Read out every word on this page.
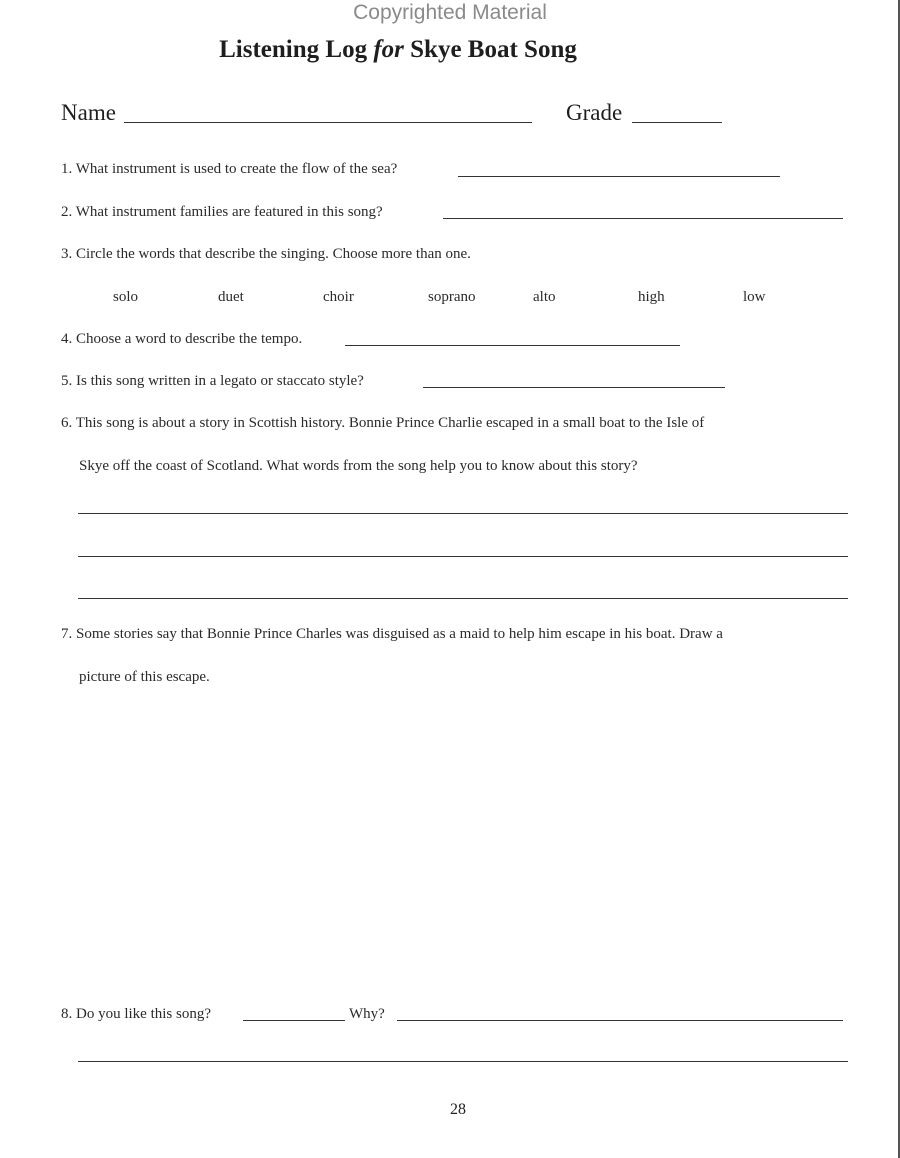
Copyrighted Material
Listening Log for Skye Boat Song
Name	Grade
1. What instrument is used to create the flow of the sea?
2. What instrument families are featured in this song?
3. Circle the words that describe the singing. Choose more than one.
solo	duet	choir	soprano	alto	high	low
4. Choose a word to describe the tempo.
5. Is this song written in a legato or staccato style?
6. This song is about a story in Scottish history. Bonnie Prince Charlie escaped in a small boat to the Isle of
Skye off the coast of Scotland. What words from the song help you to know about this story?
7. Some stories say that Bonnie Prince Charles was disguised as a maid to help him escape in his boat. Draw a
picture of this escape.
8. Do you like this song?	Why?
28
